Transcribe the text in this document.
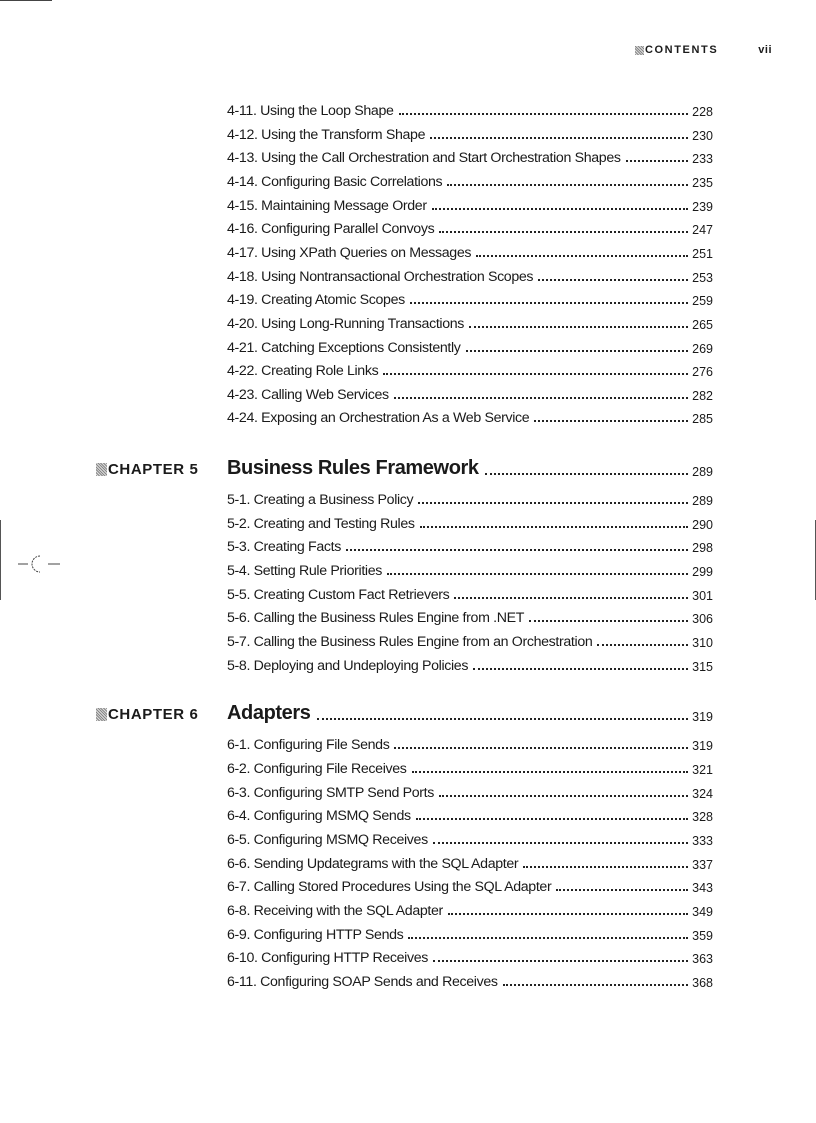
CONTENTS	vii
4-11. Using the Loop Shape	228
4-12. Using the Transform Shape	230
4-13. Using the Call Orchestration and Start Orchestration Shapes	233
4-14. Configuring Basic Correlations	235
4-15. Maintaining Message Order	239
4-16. Configuring Parallel Convoys	247
4-17. Using XPath Queries on Messages	251
4-18. Using Nontransactional Orchestration Scopes	253
4-19. Creating Atomic Scopes	259
4-20. Using Long-Running Transactions	265
4-21. Catching Exceptions Consistently	269
4-22. Creating Role Links	276
4-23. Calling Web Services	282
4-24. Exposing an Orchestration As a Web Service	285
CHAPTER 5 Business Rules Framework	289
5-1. Creating a Business Policy	289
5-2. Creating and Testing Rules	290
5-3. Creating Facts	298
5-4. Setting Rule Priorities	299
5-5. Creating Custom Fact Retrievers	301
5-6. Calling the Business Rules Engine from .NET	306
5-7. Calling the Business Rules Engine from an Orchestration	310
5-8. Deploying and Undeploying Policies	315
CHAPTER 6 Adapters	319
6-1. Configuring File Sends	319
6-2. Configuring File Receives	321
6-3. Configuring SMTP Send Ports	324
6-4. Configuring MSMQ Sends	328
6-5. Configuring MSMQ Receives	333
6-6. Sending Updategrams with the SQL Adapter	337
6-7. Calling Stored Procedures Using the SQL Adapter	343
6-8. Receiving with the SQL Adapter	349
6-9. Configuring HTTP Sends	359
6-10. Configuring HTTP Receives	363
6-11. Configuring SOAP Sends and Receives	368
